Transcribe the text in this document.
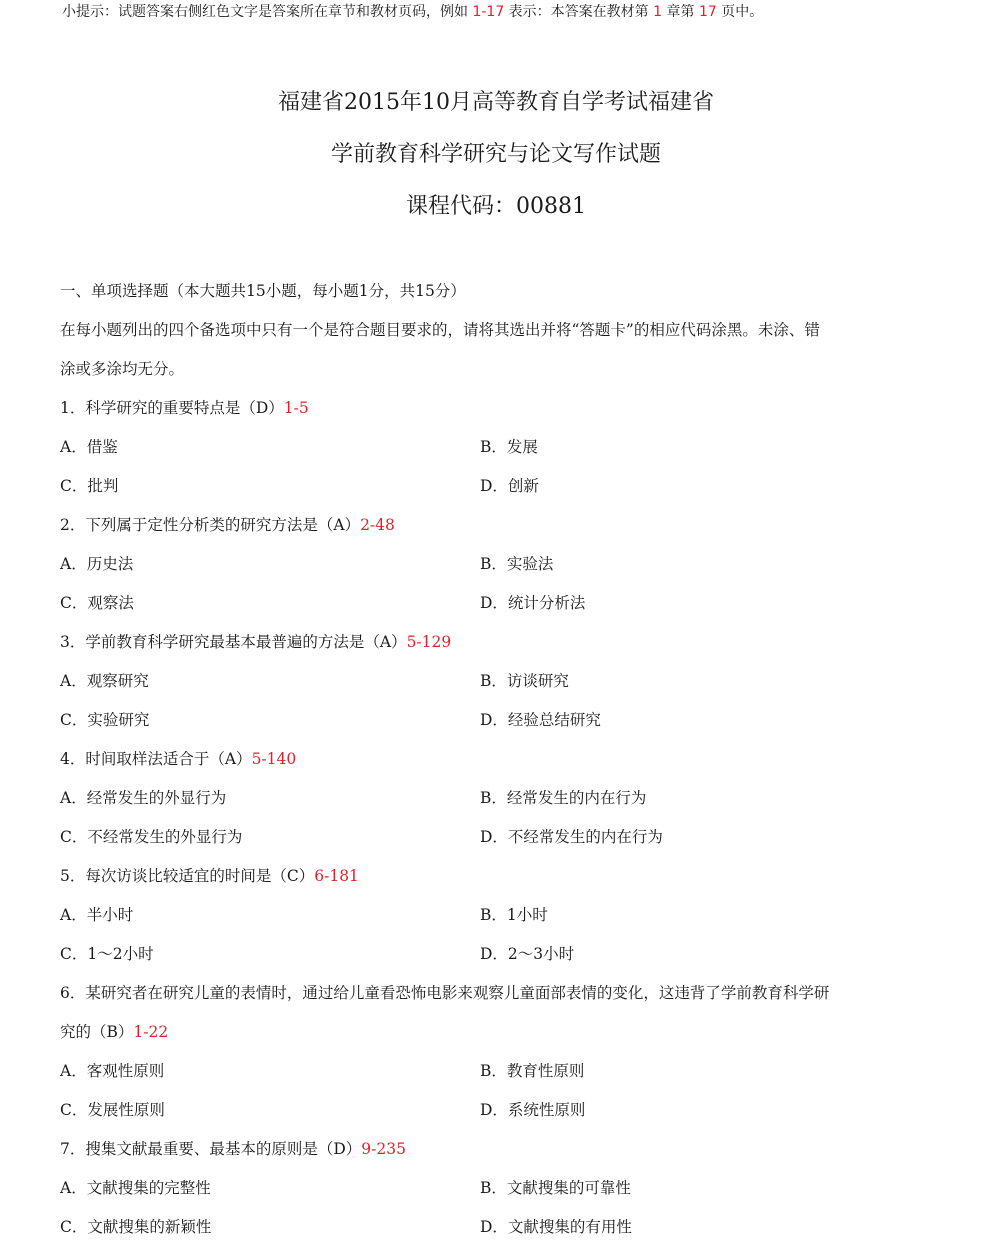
小提示：试题答案右侧红色文字是答案所在章节和教材页码，例如 1-17 表示：本答案在教材第 1 章第 17 页中。
福建省2015年10月高等教育自学考试福建省
学前教育科学研究与论文写作试题
课程代码：00881
一、单项选择题（本大题共15小题，每小题1分，共15分）
在每小题列出的四个备选项中只有一个是符合题目要求的，请将其选出并将“答题卡”的相应代码涂黑。未涂、错
涂或多涂均无分。
1．科学研究的重要特点是（D）1-5
A．借鉴	B．发展
C．批判	D．创新
2．下列属于定性分析类的研究方法是（A）2-48
A．历史法	B．实验法
C．观察法	D．统计分析法
3．学前教育科学研究最基本最普遍的方法是（A）5-129
A．观察研究	B．访谈研究
C．实验研究	D．经验总结研究
4．时间取样法适合于（A）5-140
A．经常发生的外显行为	B．经常发生的内在行为
C．不经常发生的外显行为	D．不经常发生的内在行为
5．每次访谈比较适宜的时间是（C）6-181
A．半小时	B．1小时
C．1～2小时	D．2～3小时
6．某研究者在研究儿童的表情时，通过给儿童看恐怖电影来观察儿童面部表情的变化，这违背了学前教育科学研
究的（B）1-22
A．客观性原则	B．教育性原则
C．发展性原则	D．系统性原则
7．搜集文献最重要、最基本的原则是（D）9-235
A．文献搜集的完整性	B．文献搜集的可靠性
C．文献搜集的新颖性	D．文献搜集的有用性
